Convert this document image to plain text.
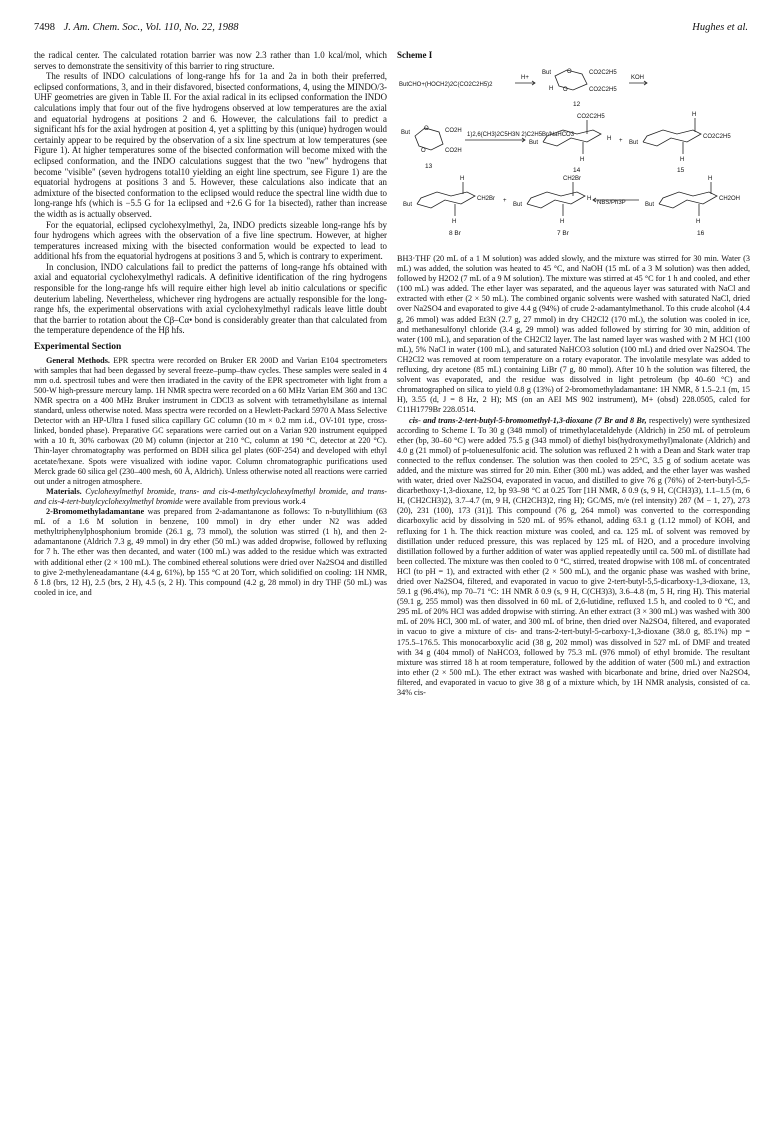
7498 J. Am. Chem. Soc., Vol. 110, No. 22, 1988	Hughes et al.

the radical center. The calculated rotation barrier was now 2.3 rather than 1.0 kcal/mol, which serves to demonstrate the sensitivity of this barrier to ring structure.

The results of INDO calculations of long-range hfs for 1a and 2a in both their preferred, eclipsed conformations, 3, and in their disfavored, bisected conformations, 4, using the MINDO/3-UHF geometries are given in Table II. For the axial radical in its eclipsed conformation the INDO calculations imply that four out of the five hydrogens observed at low temperatures are the axial and equatorial hydrogens at positions 2 and 6. However, the calculations fail to predict a significant hfs for the axial hydrogen at position 4, yet a splitting by this (unique) hydrogen would certainly appear to be required by the observation of a six line spectrum at low temperatures (see Figure 1). At higher temperatures some of the bisected conformation will become mixed with the eclipsed conformation, and the INDO calculations suggest that the two "new" hydrogens that become "visible" (seven hydrogens total10 yielding an eight line spectrum, see Figure 1) are the equatorial hydrogens at positions 3 and 5. However, these calculations also indicate that an admixture of the bisected conformation to the eclipsed would reduce the spectral line width due to long-range hfs (which is −5.5 G for 1a eclipsed and +2.6 G for 1a bisected), rather than increase the width as is actually observed.

For the equatorial, eclipsed cyclohexylmethyl, 2a, INDO predicts sizeable long-range hfs by four hydrogens which agrees with the observation of a five line spectrum. However, at higher temperatures increased mixing with the bisected conformation would be expected to lead to additional hfs from the equatorial hydrogens at positions 3 and 5, which is contrary to experiment.

In conclusion, INDO calculations fail to predict the patterns of long-range hfs obtained with axial and equatorial cyclohexylmethyl radicals. A definitive identification of the ring hydrogens responsible for the long-range hfs will require either high level ab initio calculations or specific deuterium labeling. Nevertheless, whichever ring hydrogens are actually responsible for the long-range hfs, the experimental observations with axial cyclohexylmethyl radicals leave little doubt that the barrier to rotation about the Cβ–Cα• bond is considerably greater than that calculated from the temperature dependence of the Hβ hfs.

Experimental Section

General Methods. EPR spectra were recorded on Bruker ER 200D and Varian E104 spectrometers with samples that had been degassed by several freeze–pump–thaw cycles. These samples were sealed in 4 mm o.d. spectrosil tubes and were then irradiated in the cavity of the EPR spectrometer with light from a 500-W high-pressure mercury lamp. 1H NMR spectra were recorded on a 60 MHz Varian EM 360 and 13C NMR spectra on a 400 MHz Bruker instrument in CDCl3 as solvent with tetramethylsilane as internal standard, unless otherwise noted. Mass spectra were recorded on a Hewlett-Packard 5970 A Mass Selective Detector with an HP-Ultra I fused silica capillary GC column (10 m × 0.2 mm i.d., OV-101 type, cross-linked, bonded phase). Preparative GC separations were carried out on a Varian 920 instrument equipped with a 10 ft, 30% carbowax (20 M) column (injector at 210 °C, column at 190 °C, detector at 220 °C). Thin-layer chromatography was performed on BDH silica gel plates (60F-254) and developed with ethyl acetate/hexane. Spots were visualized with iodine vapor. Column chromatographic purifications used Merck grade 60 silica gel (230–400 mesh, 60 Å, Aldrich). Unless otherwise noted all reactions were carried out under a nitrogen atmosphere.

Materials. Cyclohexylmethyl bromide, trans- and cis-4-methylcyclohexylmethyl bromide, and trans- and cis-4-tert-butylcyclohexylmethyl bromide were available from previous work.4

2-Bromomethyladamantane was prepared from 2-adamantanone as follows: To n-butyllithium (63 mL of a 1.6 M solution in benzene, 100 mmol) in dry ether under N2 was added methyltriphenylphosphonium bromide (26.1 g, 73 mmol), the solution was stirred (1 h), and then 2-adamantanone (Aldrich 7.3 g, 49 mmol) in dry ether (50 mL) was added dropwise, followed by refluxing for 7 h. The ether was then decanted, and water (100 mL) was added to the residue which was extracted with additional ether (2 × 100 mL). The combined ethereal solutions were dried over Na2SO4 and distilled to give 2-methyleneadamantane (4.4 g, 61%), bp 155 °C at 20 Torr, which solidified on cooling: 1H NMR, δ 1.8 (brs, 12 H), 2.5 (brs, 2 H), 4.5 (s, 2 H). This compound (4.2 g, 28 mmol) in dry THF (50 mL) was cooled in ice, and

Scheme I
ButCHO+(HOCH2)2C(CO2C2H5)2
H+
But	O
O
H
CO2C2H5
CO2C2H5
12
KOH
But
O
O
CO2H
CO2H
13
1)2,6(CH3)2C5H3N 2)C2H5Br/NaHCO3
But
CO2C2H5
H
H
14
+ But
H
CO2C2H5
H
15
But
H
CH2Br
H
8 Br
+
But
CH2Br
H
H
7 Br
NBS/Ph3P	But
H
CH2OH
H
16

BH3·THF (20 mL of a 1 M solution) was added slowly, and the mixture was stirred for 30 min. Water (3 mL) was added, the solution was heated to 45 °C, and NaOH (15 mL of a 3 M solution) was then added, followed by H2O2 (7 mL of a 9 M solution). The mixture was stirred at 45 °C for 1 h and cooled, and ether (100 mL) was added. The ether layer was separated, and the aqueous layer was saturated with NaCl and extracted with ether (2 × 50 mL). The combined organic solvents were washed with saturated NaCl, dried over Na2SO4 and evaporated to give 4.4 g (94%) of crude 2-adamantylmethanol. To this crude alcohol (4.4 g, 26 mmol) was added Et3N (2.7 g, 27 mmol) in dry CH2Cl2 (170 mL), the solution was cooled in ice, and methanesulfonyl chloride (3.4 g, 29 mmol) was added followed by stirring for 30 min, addition of water (100 mL), and separation of the CH2Cl2 layer. The last named layer was washed with 2 M HCl (100 mL), 5% NaCl in water (100 mL), and saturated NaHCO3 solution (100 mL) and dried over Na2SO4. The CH2Cl2 was removed at room temperature on a rotary evaporator. The involatile mesylate was added to refluxing, dry acetone (85 mL) containing LiBr (7 g, 80 mmol). After 10 h the solution was filtered, the solvent was evaporated, and the residue was dissolved in light petroleum (bp 40–60 °C) and chromatographed on silica to yield 0.8 g (13%) of 2-bromomethyladamantane: 1H NMR, δ 1.5–2.1 (m, 15 H), 3.55 (d, J = 8 Hz, 2 H); MS (on an AEI MS 902 instrument), M+ (obsd) 228.0505, calcd for C11H1779Br 228.0514.

cis- and trans-2-tert-butyl-5-bromomethyl-1,3-dioxane (7 Br and 8 Br, respectively) were synthesized according to Scheme I. To 30 g (348 mmol) of trimethylacetaldehyde (Aldrich) in 250 mL of petroleum ether (bp, 30–60 °C) were added 75.5 g (343 mmol) of diethyl bis(hydroxymethyl)malonate (Aldrich) and 4.0 g (21 mmol) of p-toluenesulfonic acid. The solution was refluxed 2 h with a Dean and Stark water trap connected to the reflux condenser. The solution was then cooled to 25°C, 3.5 g of sodium acetate was added, and the mixture was stirred for 20 min. Ether (300 mL) was added, and the ether layer was washed with water, dried over Na2SO4, evaporated in vacuo, and distilled to give 76 g (76%) of 2-tert-butyl-5,5-dicarbethoxy-1,3-dioxane, 12, bp 93–98 °C at 0.25 Torr [1H NMR, δ 0.9 (s, 9 H, C(CH3)3), 1.1–1.5 (m, 6 H, (CH2CH3)2), 3.7–4.7 (m, 9 H, (CH2CH3)2, ring H); GC/MS, m/e (rel intensity) 287 (M − 1, 27), 273 (20), 231 (100), 173 (31)]. This compound (76 g, 264 mmol) was converted to the corresponding dicarboxylic acid by dissolving in 520 mL of 95% ethanol, adding 63.1 g (1.12 mmol) of KOH, and refluxing for 1 h. The thick reaction mixture was cooled, and ca. 125 mL of solvent was removed by distillation under reduced pressure, this was replaced by 125 mL of H2O, and a procedure involving distillation followed by a further addition of water was applied repeatedly until ca. 500 mL of distillate had been collected. The mixture was then cooled to 0 °C, stirred, treated dropwise with 108 mL of concentrated HCl (to pH = 1), and extracted with ether (2 × 500 mL), and the organic phase was washed with brine, dried over Na2SO4, filtered, and evaporated in vacuo to give 2-tert-butyl-5,5-dicarboxy-1,3-dioxane, 13, 59.1 g (96.4%), mp 70–71 °C: 1H NMR δ 0.9 (s, 9 H, C(CH3)3), 3.6–4.8 (m, 5 H, ring H). This material (59.1 g, 255 mmol) was then dissolved in 60 mL of 2,6-lutidine, refluxed 1.5 h, and cooled to 0 °C, and 295 mL of 20% HCl was added dropwise with stirring. An ether extract (3 × 300 mL) was washed with 300 mL of 20% HCl, 300 mL of water, and 300 mL of brine, then dried over Na2SO4, filtered, and evaporated in vacuo to give a mixture of cis- and trans-2-tert-butyl-5-carboxy-1,3-dioxane (38.0 g, 85.1%) mp = 175.5–176.5. This monocarboxylic acid (38 g, 202 mmol) was dissolved in 527 mL of DMF and treated with 34 g (404 mmol) of NaHCO3, followed by 75.3 mL (976 mmol) of ethyl bromide. The resultant mixture was stirred 18 h at room temperature, followed by the addition of water (500 mL) and extraction into ether (2 × 500 mL). The ether extract was washed with bicarbonate and brine, dried over Na2SO4, filtered, and evaporated in vacuo to give 38 g of a mixture which, by 1H NMR analysis, consisted of ca. 34% cis-
